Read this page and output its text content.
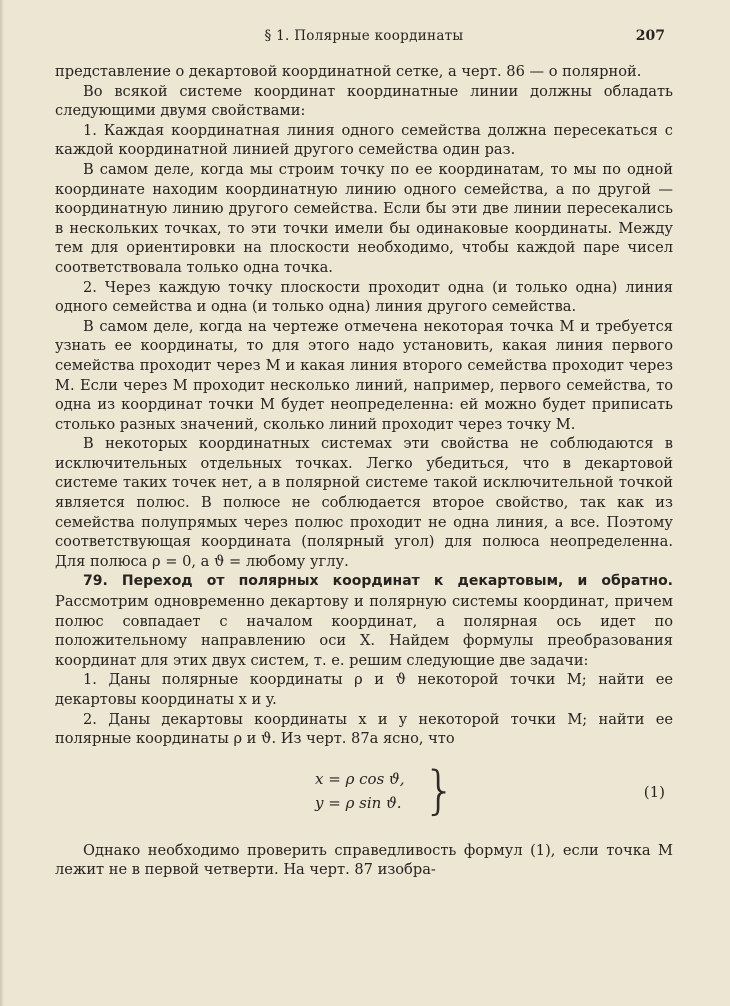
§ 1. Полярные координаты	207

представление о декартовой координатной сетке, а черт. 86 — о полярной.

Во всякой системе координат координатные линии должны обладать следующими двумя свойствами:

1. Каждая координатная линия одного семейства должна пересекаться с каждой координатной линией другого семейства один раз.

В самом деле, когда мы строим точку по ее координатам, то мы по одной координате находим координатную линию одного семейства, а по другой — координатную линию другого семейства. Если бы эти две линии пересекались в нескольких точках, то эти точки имели бы одинаковые координаты. Между тем для ориентировки на плоскости необходимо, чтобы каждой паре чисел соответствовала только одна точка.

2. Через каждую точку плоскости проходит одна (и только одна) линия одного семейства и одна (и только одна) линия другого семейства.

В самом деле, когда на чертеже отмечена некоторая точка M и требуется узнать ее координаты, то для этого надо установить, какая линия первого семейства проходит через M и какая линия второго семейства проходит через M. Если через M проходит несколько линий, например, первого семейства, то одна из координат точки M будет неопределенна: ей можно будет приписать столько разных значений, сколько линий проходит через точку M.

В некоторых координатных системах эти свойства не соблюдаются в исключительных отдельных точках. Легко убедиться, что в декартовой системе таких точек нет, а в полярной системе такой исключительной точкой является полюс. В полюсе не соблюдается второе свойство, так как из семейства полупрямых через полюс проходит не одна линия, а все. Поэтому соответствующая координата (полярный угол) для полюса неопределенна. Для полюса ρ = 0, а ϑ = любому углу.

79. Переход от полярных координат к декартовым, и обратно. Рассмотрим одновременно декартову и полярную системы координат, причем полюс совпадает с началом координат, а полярная ось идет по положительному направлению оси X. Найдем формулы преобразования координат для этих двух систем, т. е. решим следующие две задачи:

1. Даны полярные координаты ρ и ϑ некоторой точки M; найти ее декартовы координаты x и y.

2. Даны декартовы координаты x и y некоторой точки M; найти ее полярные координаты ρ и ϑ. Из черт. 87а ясно, что

x = ρ cos ϑ,
y = ρ sin ϑ. }	(1)

Однако необходимо проверить справедливость формул (1), если точка M лежит не в первой четверти. На черт. 87 изобра-
